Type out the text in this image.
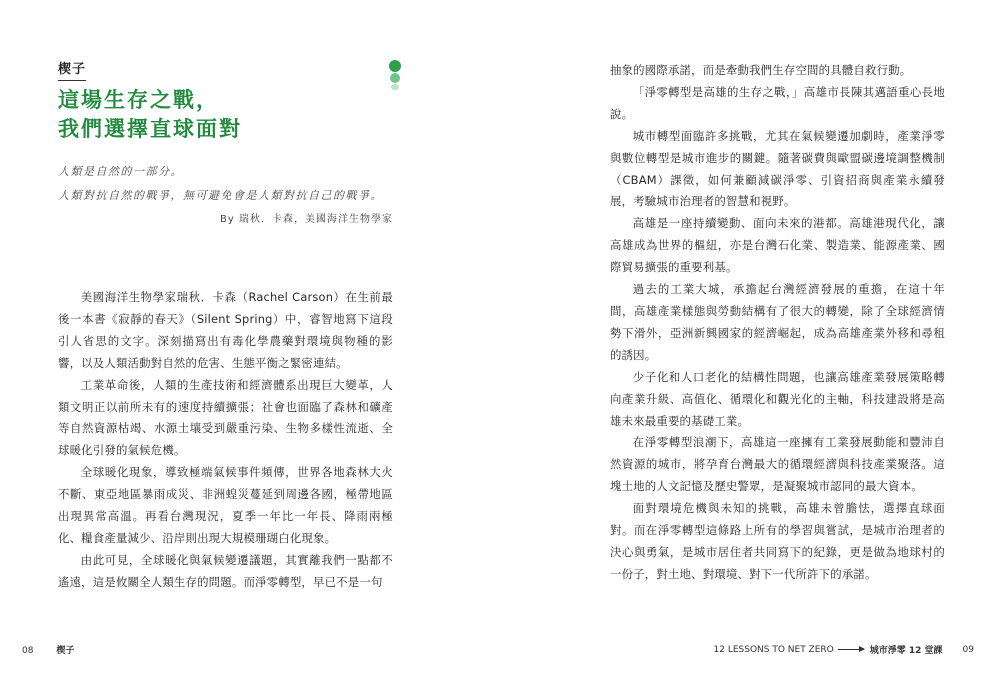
楔子
這場生存之戰，
我們選擇直球面對
人類是自然的一部分。
人類對抗自然的戰爭，無可避免會是人類對抗自己的戰爭。
By 瑞秋．卡森，美國海洋生物學家

美國海洋生物學家瑞秋．卡森（Rachel Carson）在生前最後一本書《寂靜的春天》（Silent Spring）中，睿智地寫下這段引人省思的文字。深刻描寫出有毒化學農藥對環境與物種的影響，以及人類活動對自然的危害、生態平衡之緊密連結。

工業革命後，人類的生產技術和經濟體系出現巨大變革，人類文明正以前所未有的速度持續擴張；社會也面臨了森林和礦產等自然資源枯竭、水源土壤受到嚴重污染、生物多樣性流逝、全球暖化引發的氣候危機。

全球暖化現象，導致極端氣候事件頻傳，世界各地森林大火不斷、東亞地區暴雨成災、非洲蝗災蔓延到周邊各國，極帶地區出現異常高溫。再看台灣現況，夏季一年比一年長、降雨兩極化、糧食產量減少、沿岸則出現大規模珊瑚白化現象。

由此可見，全球暖化與氣候變遷議題，其實離我們一點都不遙遠，這是攸關全人類生存的問題。而淨零轉型，早已不是一句

08	楔子

抽象的國際承諾，而是牽動我們生存空間的具體自救行動。

「淨零轉型是高雄的生存之戰，」高雄市長陳其邁語重心長地說。

城市轉型面臨許多挑戰，尤其在氣候變遷加劇時，產業淨零與數位轉型是城市進步的關鍵。隨著碳費與歐盟碳邊境調整機制（CBAM）課徵，如何兼顧減碳淨零、引資招商與產業永續發展，考驗城市治理者的智慧和視野。

高雄是一座持續變動、面向未來的港都。高雄港現代化，讓高雄成為世界的樞紐，亦是台灣石化業、製造業、能源產業、國際貿易擴張的重要利基。

過去的工業大城，承擔起台灣經濟發展的重擔，在這十年間，高雄產業樣態與勞動結構有了很大的轉變，除了全球經濟情勢下滑外，亞洲新興國家的經濟崛起，成為高雄產業外移和尋租的誘因。

少子化和人口老化的結構性問題，也讓高雄產業發展策略轉向產業升級、高值化、循環化和觀光化的主軸，科技建設將是高雄未來最重要的基礎工業。

在淨零轉型浪潮下，高雄這一座擁有工業發展動能和豐沛自然資源的城市，將孕育台灣最大的循環經濟與科技產業聚落。這塊土地的人文記憶及歷史警眾，是凝聚城市認同的最大資本。

面對環境危機與未知的挑戰，高雄未曾膽怯，選擇直球面對。而在淨零轉型這條路上所有的學習與嘗試，是城市治理者的決心與勇氣，是城市居住者共同寫下的紀錄，更是做為地球村的一份子，對土地、對環境、對下一代所許下的承諾。

12 LESSONS TO NET ZERO	城市淨零 12 堂課 09
